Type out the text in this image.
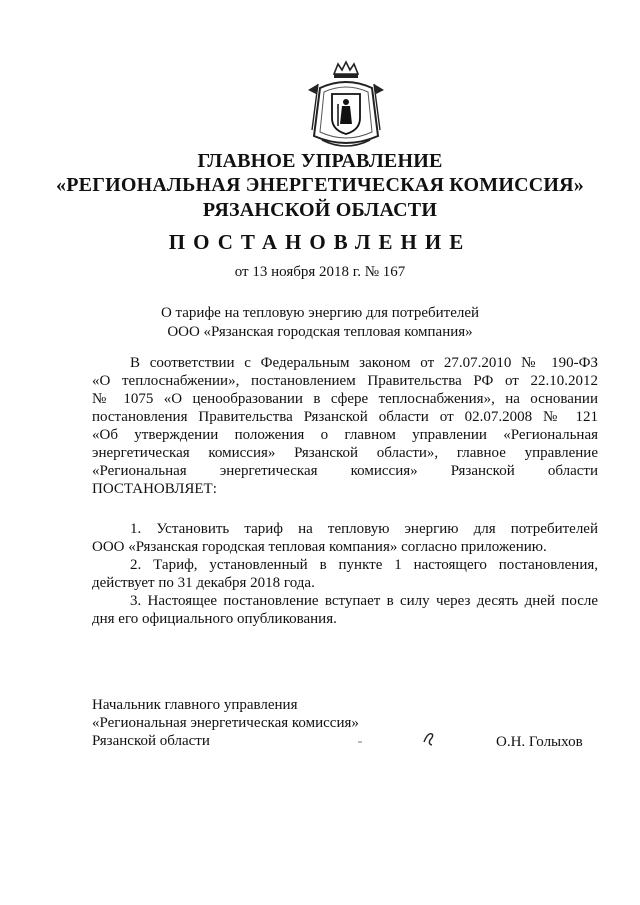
ГЛАВНОЕ УПРАВЛЕНИЕ
«РЕГИОНАЛЬНАЯ ЭНЕРГЕТИЧЕСКАЯ КОМИССИЯ»
РЯЗАНСКОЙ ОБЛАСТИ
ПОСТАНОВЛЕНИЕ
от 13 ноября 2018 г. № 167
О тарифе на тепловую энергию для потребителей
ООО «Рязанская городская тепловая компания»
В соответствии с Федеральным законом от 27.07.2010 № 190-ФЗ
«О теплоснабжении», постановлением Правительства РФ от 22.10.2012
№ 1075 «О ценообразовании в сфере теплоснабжения», на основании
постановления Правительства Рязанской области от 02.07.2008 № 121
«Об утверждении положения о главном управлении «Региональная
энергетическая комиссия» Рязанской области», главное управление
«Региональная энергетическая комиссия» Рязанской области
ПОСТАНОВЛЯЕТ:
1. Установить тариф на тепловую энергию для потребителей
ООО «Рязанская городская тепловая компания» согласно приложению.
2. Тариф, установленный в пункте 1 настоящего постановления,
действует по 31 декабря 2018 года.
3. Настоящее постановление вступает в силу через десять дней после
дня его официального опубликования.
Начальник главного управления
«Региональная энергетическая комиссия»
Рязанской области	О.Н. Голыхов
